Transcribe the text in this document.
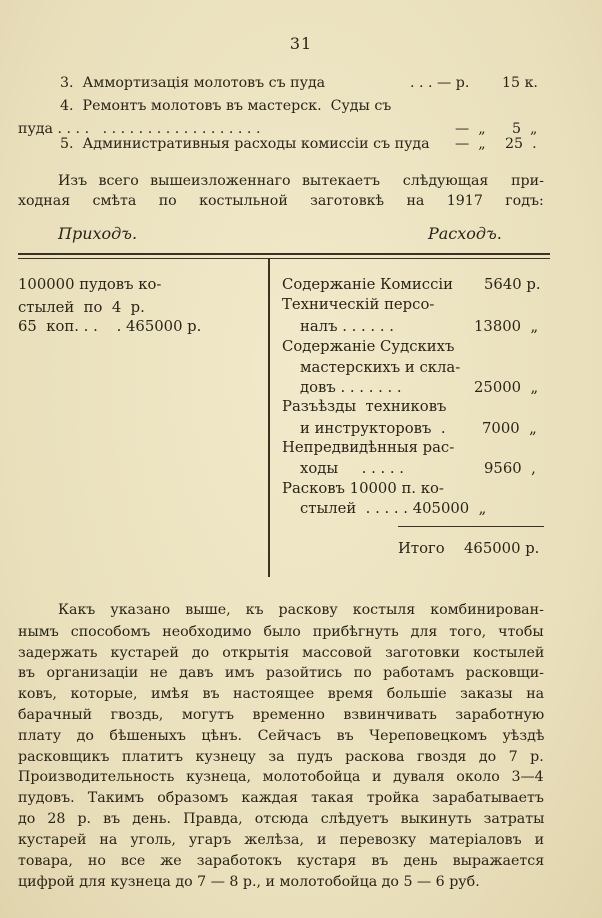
31
3.  Аммортизація молотовъ съ пуда	. . . — р. 15 к.
4.  Ремонтъ молотовъ въ мастерск.  Суды съ
пуда . . . .   . . . . . . . . . . . . . . . . . .	—  „ 5  „
5.  Административныя расходы комиссіи съ пуда —  „ 25  .
Изъ всего вышеизложеннаго вытекаетъ  слѣдующая  при-
ходная смѣта по костыльной заготовкѣ на 1917 годъ:
Приходъ.	Расходъ.
100000 пудовъ ко-
стылей  по  4  р.
65  коп. . .    . 465000 р.
Содержаніе Комиссіи 5640 р.
Техническій персо-
налъ . . . . . .	13800  „
Содержаніе Судскихъ
мастерскихъ и скла-
довъ . . . . . . .	25000  „
Разъѣзды  техниковъ
и инструкторовъ  . 7000  „
Непредвидѣнныя рас-
ходы     . . . . .	9560  ,
Расковъ 10000 п. ко-
стылей  . . . . . 405000  „
Итого 465000 р.
Какъ указано выше, къ раскову костыля комбинирован-
нымъ способомъ необходимо было прибѣгнуть для того, чтобы
задержать кустарей до открытія массовой заготовки костылей
въ организаціи не давъ имъ разойтись по работамъ расковщи-
ковъ, которые, имѣя въ настоящее время большіе заказы на
барачный гвоздь, могутъ временно взвинчивать заработную
плату до бѣшеныхъ цѣнъ. Сейчасъ въ Череповецкомъ уѣздѣ
расковщикъ платитъ кузнецу за пудъ раскова гвоздя до 7 р.
Производительность кузнеца, молотобойца и дуваля около 3—4
пудовъ. Такимъ образомъ каждая такая тройка зарабатываетъ
до 28 р. въ день. Правда, отсюда слѣдуетъ выкинуть затраты
кустарей на уголь, угаръ желѣза, и перевозку матеріаловъ и
товара, но все же заработокъ кустаря въ день выражается
цифрой для кузнеца до 7 — 8 р., и молотобойца до 5 — 6 руб.
